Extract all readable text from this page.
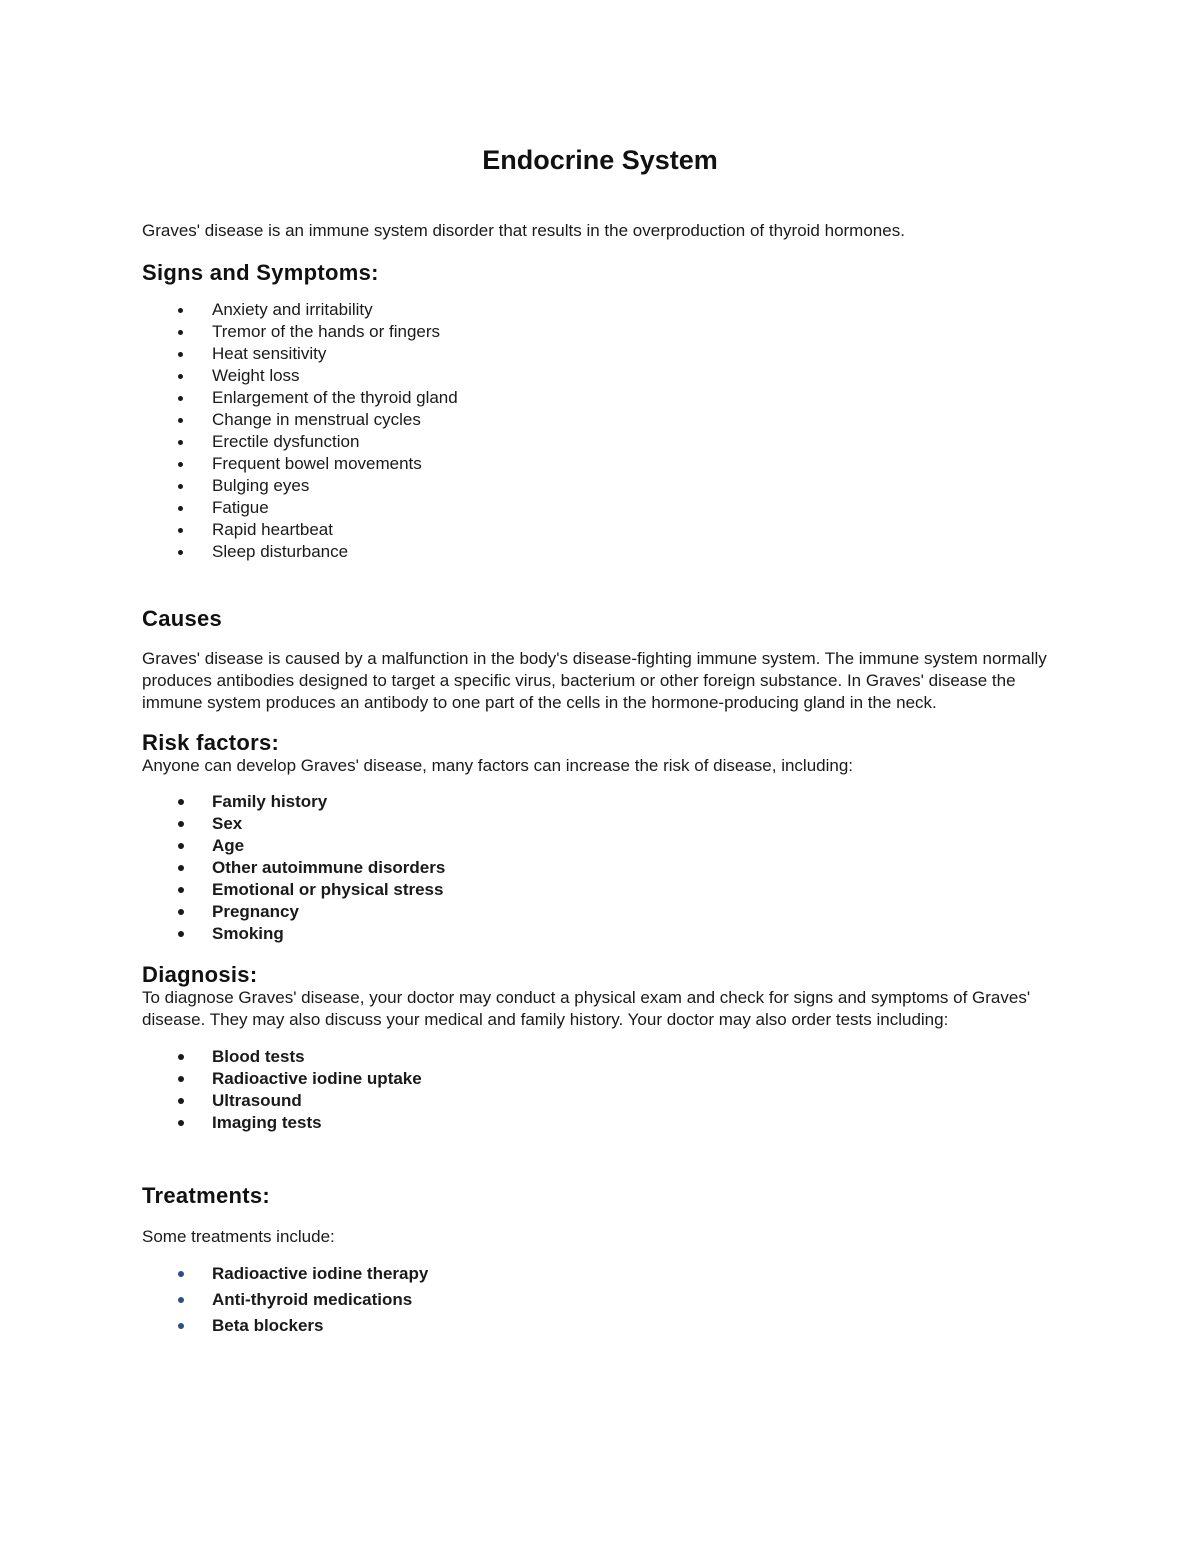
Endocrine System

Graves' disease is an immune system disorder that results in the overproduction of thyroid hormones.

Signs and Symptoms:
Anxiety and irritability
Tremor of the hands or fingers
Heat sensitivity
Weight loss
Enlargement of the thyroid gland
Change in menstrual cycles
Erectile dysfunction
Frequent bowel movements
Bulging eyes
Fatigue
Rapid heartbeat
Sleep disturbance
Causes

Graves' disease is caused by a malfunction in the body's disease-fighting immune system. The immune system normally produces antibodies designed to target a specific virus, bacterium or other foreign substance. In Graves' disease the immune system produces an antibody to one part of the cells in the hormone-producing gland in the neck.

Risk factors:

Anyone can develop Graves' disease, many factors can increase the risk of disease, including:

Family history
Sex
Age
Other autoimmune disorders
Emotional or physical stress
Pregnancy
Smoking
Diagnosis:

To diagnose Graves' disease, your doctor may conduct a physical exam and check for signs and symptoms of Graves' disease. They may also discuss your medical and family history. Your doctor may also order tests including:

Blood tests
Radioactive iodine uptake
Ultrasound
Imaging tests
Treatments:

Some treatments include:

Radioactive iodine therapy
Anti-thyroid medications
Beta blockers
